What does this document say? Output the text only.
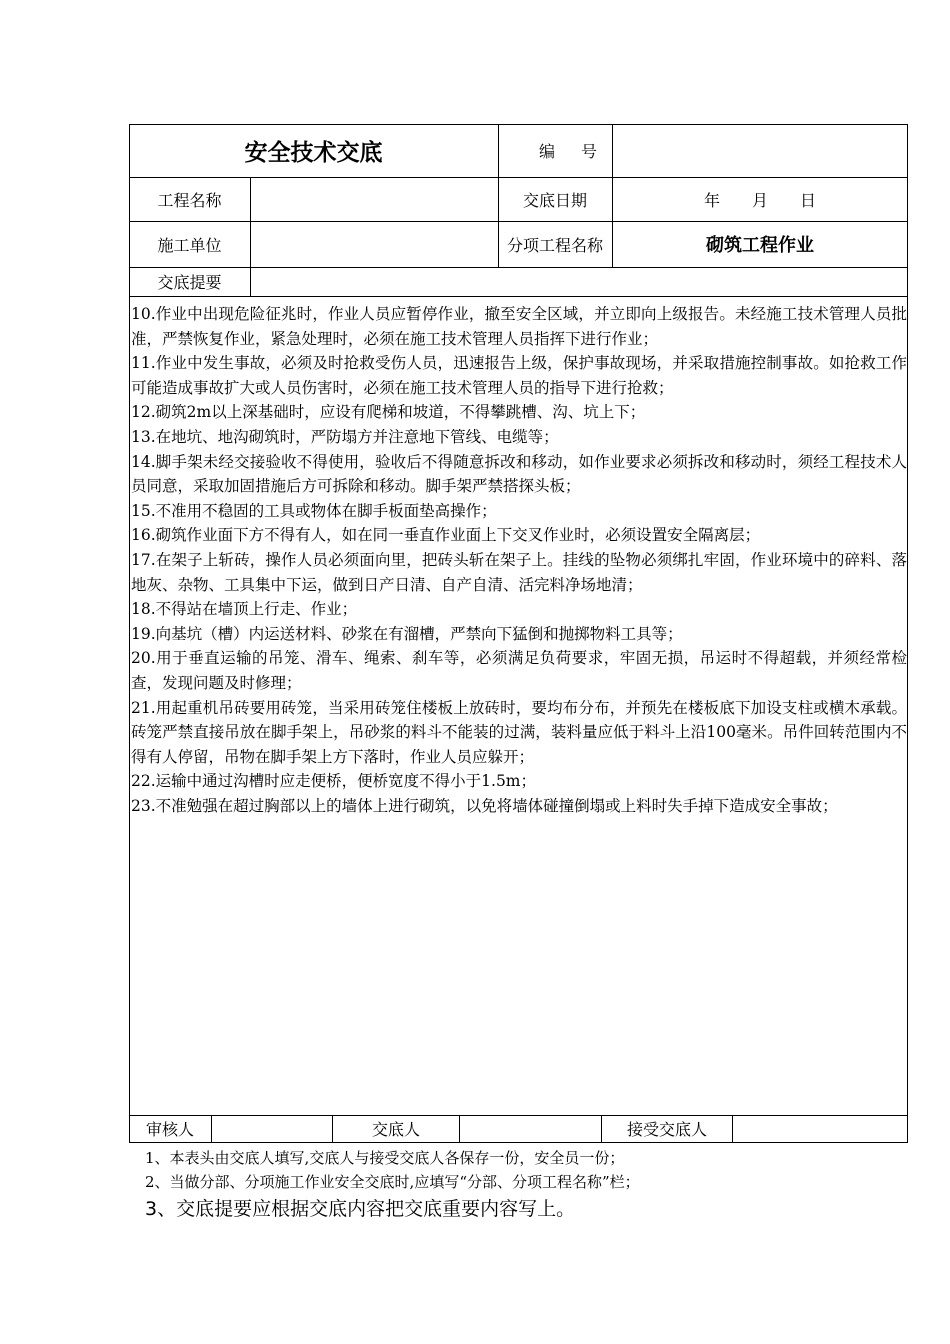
安全技术交底	编号
工程名称	交底日期	年 月 日
施工单位	分项工程名称	砌筑工程作业
交底提要

10.作业中出现危险征兆时，作业人员应暂停作业，撤至安全区域，并立即向上级报告。未经施工技术管理人员批准，严禁恢复作业，紧急处理时，必须在施工技术管理人员指挥下进行作业；

11.作业中发生事故，必须及时抢救受伤人员，迅速报告上级，保护事故现场，并采取措施控制事故。如抢救工作可能造成事故扩大或人员伤害时，必须在施工技术管理人员的指导下进行抢救；

12.砌筑2m以上深基础时，应设有爬梯和坡道，不得攀跳槽、沟、坑上下；

13.在地坑、地沟砌筑时，严防塌方并注意地下管线、电缆等；

14.脚手架未经交接验收不得使用，验收后不得随意拆改和移动，如作业要求必须拆改和移动时，须经工程技术人员同意，采取加固措施后方可拆除和移动。脚手架严禁搭探头板；

15.不准用不稳固的工具或物体在脚手板面垫高操作；

16.砌筑作业面下方不得有人，如在同一垂直作业面上下交叉作业时，必须设置安全隔离层；

17.在架子上斩砖，操作人员必须面向里，把砖头斩在架子上。挂线的坠物必须绑扎牢固，作业环境中的碎料、落地灰、杂物、工具集中下运，做到日产日清、自产自清、活完料净场地清；

18.不得站在墙顶上行走、作业；

19.向基坑（槽）内运送材料、砂浆在有溜槽，严禁向下猛倒和抛掷物料工具等；

20.用于垂直运输的吊笼、滑车、绳索、刹车等，必须满足负荷要求，牢固无损，吊运时不得超载，并须经常检查，发现问题及时修理；

21.用起重机吊砖要用砖笼，当采用砖笼住楼板上放砖时，要均布分布，并预先在楼板底下加设支柱或横木承载。砖笼严禁直接吊放在脚手架上，吊砂浆的料斗不能装的过满，装料量应低于料斗上沿100毫米。吊件回转范围内不得有人停留，吊物在脚手架上方下落时，作业人员应躲开；

22.运输中通过沟槽时应走便桥，便桥宽度不得小于1.5m；

23.不准勉强在超过胸部以上的墙体上进行砌筑，以免将墙体碰撞倒塌或上料时失手掉下造成安全事故；

审核人	交底人	接受交底人

1、本表头由交底人填写,交底人与接受交底人各保存一份，安全员一份；

2、当做分部、分项施工作业安全交底时,应填写“分部、分项工程名称”栏；

3、交底提要应根据交底内容把交底重要内容写上。
